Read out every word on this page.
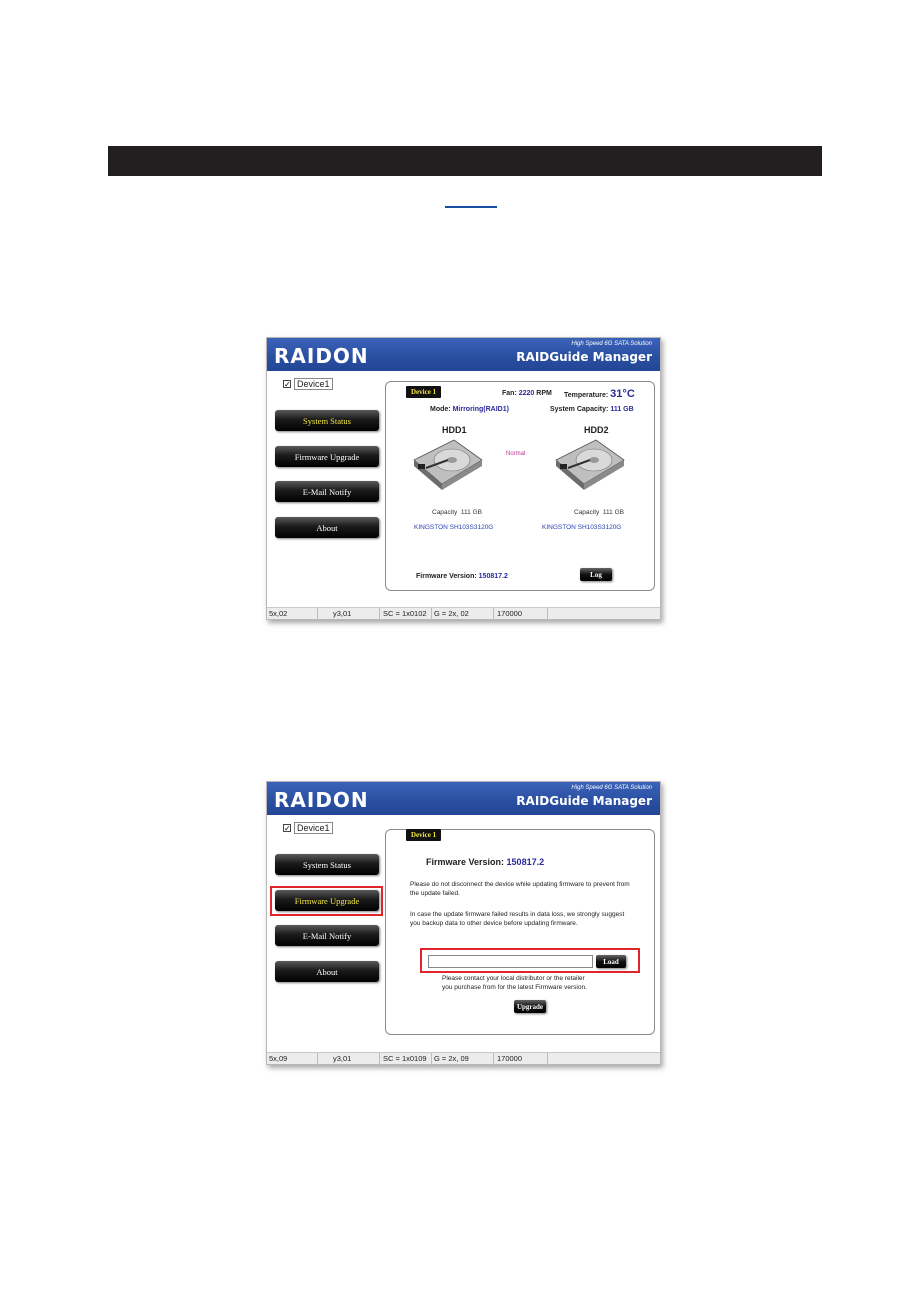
RAIDON	High Speed 6G SATA Solution
RAIDGuide Manager
✓ Device1
System Status
Firmware Upgrade
E-Mail Notify
About
Device 1	Fan: 2220 RPM Temperature: 31°C
Mode: Mirroring(RAID1)	System Capacity: 111 GB
HDD1
Normal
Capacity 111 GB
KINGSTON SH103S3120G
HDD2
Capacity 111 GB
KINGSTON SH103S3120G
Firmware Version: 150817.2	Log
5x,02	y3,01	SC = 1x0102 G = 2x, 02	170000
RAIDON	High Speed 6G SATA Solution
RAIDGuide Manager
✓ Device1
System Status
Firmware Upgrade
E-Mail Notify
About
Device 1
Firmware Version: 150817.2
Please do not disconnect the device while updating firmware to prevent from
the update failed.
In case the update firmware failed results in data loss, we strongly suggest
you backup data to other device before updating firmware.
Load
Please contact your local distributor or the retailer
you purchase from for the latest Firmware version.
Upgrade
5x,09	y3,01	SC = 1x0109 G = 2x, 09	170000
